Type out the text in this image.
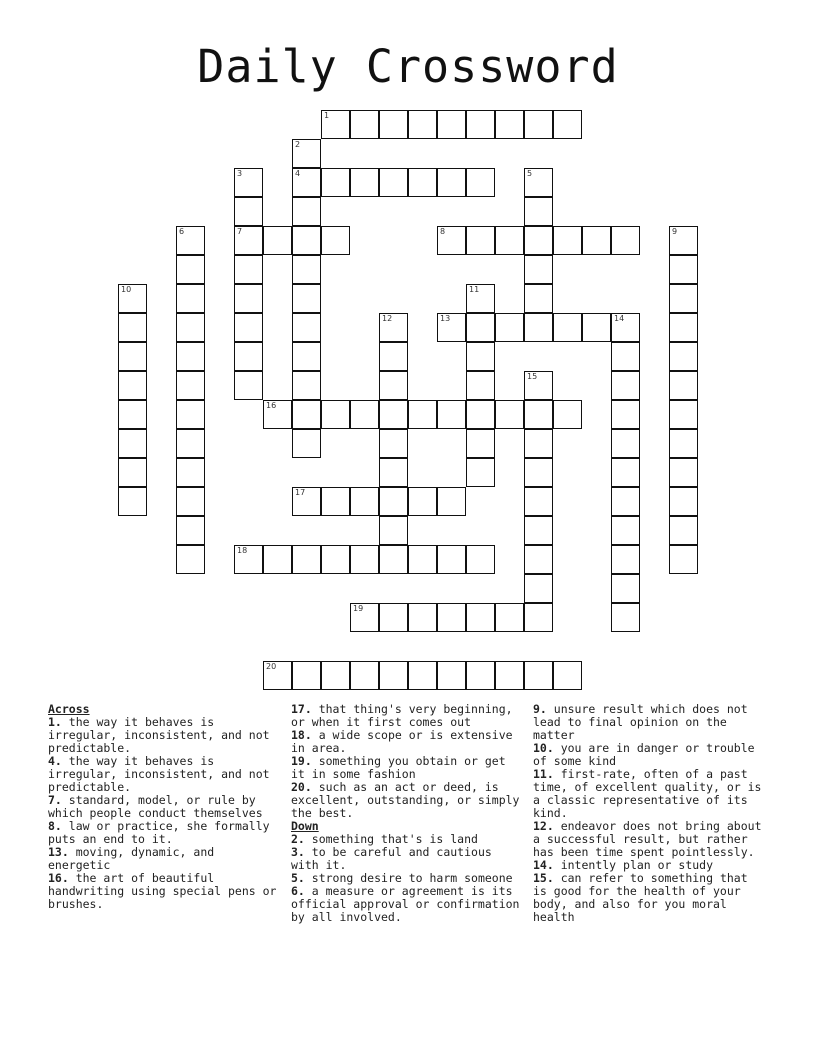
Daily Crossword
1
2
3	4	5
6	7	8	9
10	11
12	13	14
15
16
17
18
19
20
Across
1. the way it behaves is irregular, inconsistent, and not predictable.
4. the way it behaves is irregular, inconsistent, and not predictable.
7. standard, model, or rule by which people conduct themselves
8. law or practice, she formally puts an end to it.
13. moving, dynamic, and energetic
16. the art of beautiful handwriting using special pens or brushes.
17. that thing's very beginning, or when it first comes out
18. a wide scope or is extensive in area.
19. something you obtain or get it in some fashion
20. such as an act or deed, is excellent, outstanding, or simply the best.
Down
2. something that's is land
3. to be careful and cautious with it.
5. strong desire to harm someone
6. a measure or agreement is its official approval or confirmation by all involved.
9. unsure result which does not lead to final opinion on the matter
10. you are in danger or trouble of some kind
11. first-rate, often of a past time, of excellent quality, or is a classic representative of its kind.
12. endeavor does not bring about a successful result, but rather has been time spent pointlessly.
14. intently plan or study
15. can refer to something that is good for the health of your body, and also for you moral health
